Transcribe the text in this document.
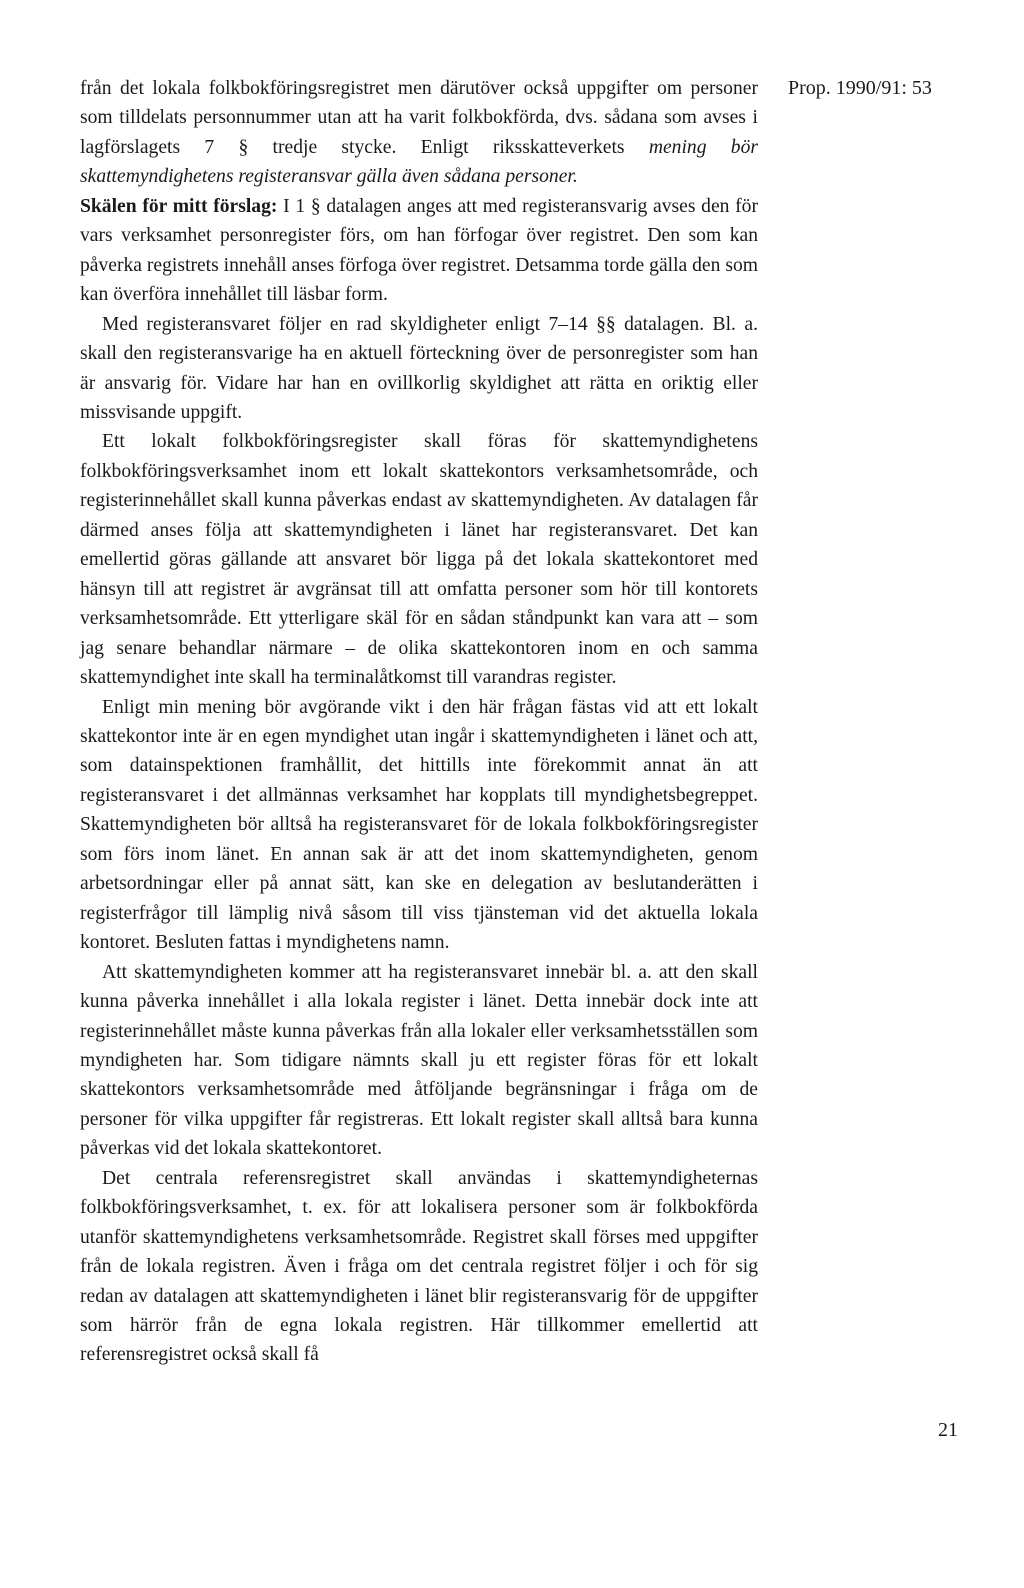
Prop. 1990/91: 53

från det lokala folkbokföringsregistret men därutöver också uppgifter om personer som tilldelats personnummer utan att ha varit folkbokförda, dvs. sådana som avses i lagförslagets 7 § tredje stycke. Enligt riksskatteverkets mening bör skattemyndighetens registeransvar gälla även sådana personer.

Skälen för mitt förslag: I 1 § datalagen anges att med registeransvarig avses den för vars verksamhet personregister förs, om han förfogar över registret. Den som kan påverka registrets innehåll anses förfoga över registret. Detsamma torde gälla den som kan överföra innehållet till läsbar form.

Med registeransvaret följer en rad skyldigheter enligt 7–14 §§ datalagen. Bl. a. skall den registeransvarige ha en aktuell förteckning över de personregister som han är ansvarig för. Vidare har han en ovillkorlig skyldighet att rätta en oriktig eller missvisande uppgift.

Ett lokalt folkbokföringsregister skall föras för skattemyndighetens folkbokföringsverksamhet inom ett lokalt skattekontors verksamhetsområde, och registerinnehållet skall kunna påverkas endast av skattemyndigheten. Av datalagen får därmed anses följa att skattemyndigheten i länet har registeransvaret. Det kan emellertid göras gällande att ansvaret bör ligga på det lokala skattekontoret med hänsyn till att registret är avgränsat till att omfatta personer som hör till kontorets verksamhetsområde. Ett ytterligare skäl för en sådan ståndpunkt kan vara att – som jag senare behandlar närmare – de olika skattekontoren inom en och samma skattemyndighet inte skall ha terminalåtkomst till varandras register.

Enligt min mening bör avgörande vikt i den här frågan fästas vid att ett lokalt skattekontor inte är en egen myndighet utan ingår i skattemyndigheten i länet och att, som datainspektionen framhållit, det hittills inte förekommit annat än att registeransvaret i det allmännas verksamhet har kopplats till myndighetsbegreppet. Skattemyndigheten bör alltså ha registeransvaret för de lokala folkbokföringsregister som förs inom länet. En annan sak är att det inom skattemyndigheten, genom arbetsordningar eller på annat sätt, kan ske en delegation av beslutanderätten i registerfrågor till lämplig nivå såsom till viss tjänsteman vid det aktuella lokala kontoret. Besluten fattas i myndighetens namn.

Att skattemyndigheten kommer att ha registeransvaret innebär bl. a. att den skall kunna påverka innehållet i alla lokala register i länet. Detta innebär dock inte att registerinnehållet måste kunna påverkas från alla lokaler eller verksamhetsställen som myndigheten har. Som tidigare nämnts skall ju ett register föras för ett lokalt skattekontors verksamhetsområde med åtföljande begränsningar i fråga om de personer för vilka uppgifter får registreras. Ett lokalt register skall alltså bara kunna påverkas vid det lokala skattekontoret.

Det centrala referensregistret skall användas i skattemyndigheternas folkbokföringsverksamhet, t. ex. för att lokalisera personer som är folkbokförda utanför skattemyndighetens verksamhetsområde. Registret skall förses med uppgifter från de lokala registren. Även i fråga om det centrala registret följer i och för sig redan av datalagen att skattemyndigheten i länet blir registeransvarig för de uppgifter som härrör från de egna lokala registren. Här tillkommer emellertid att referensregistret också skall få

21
